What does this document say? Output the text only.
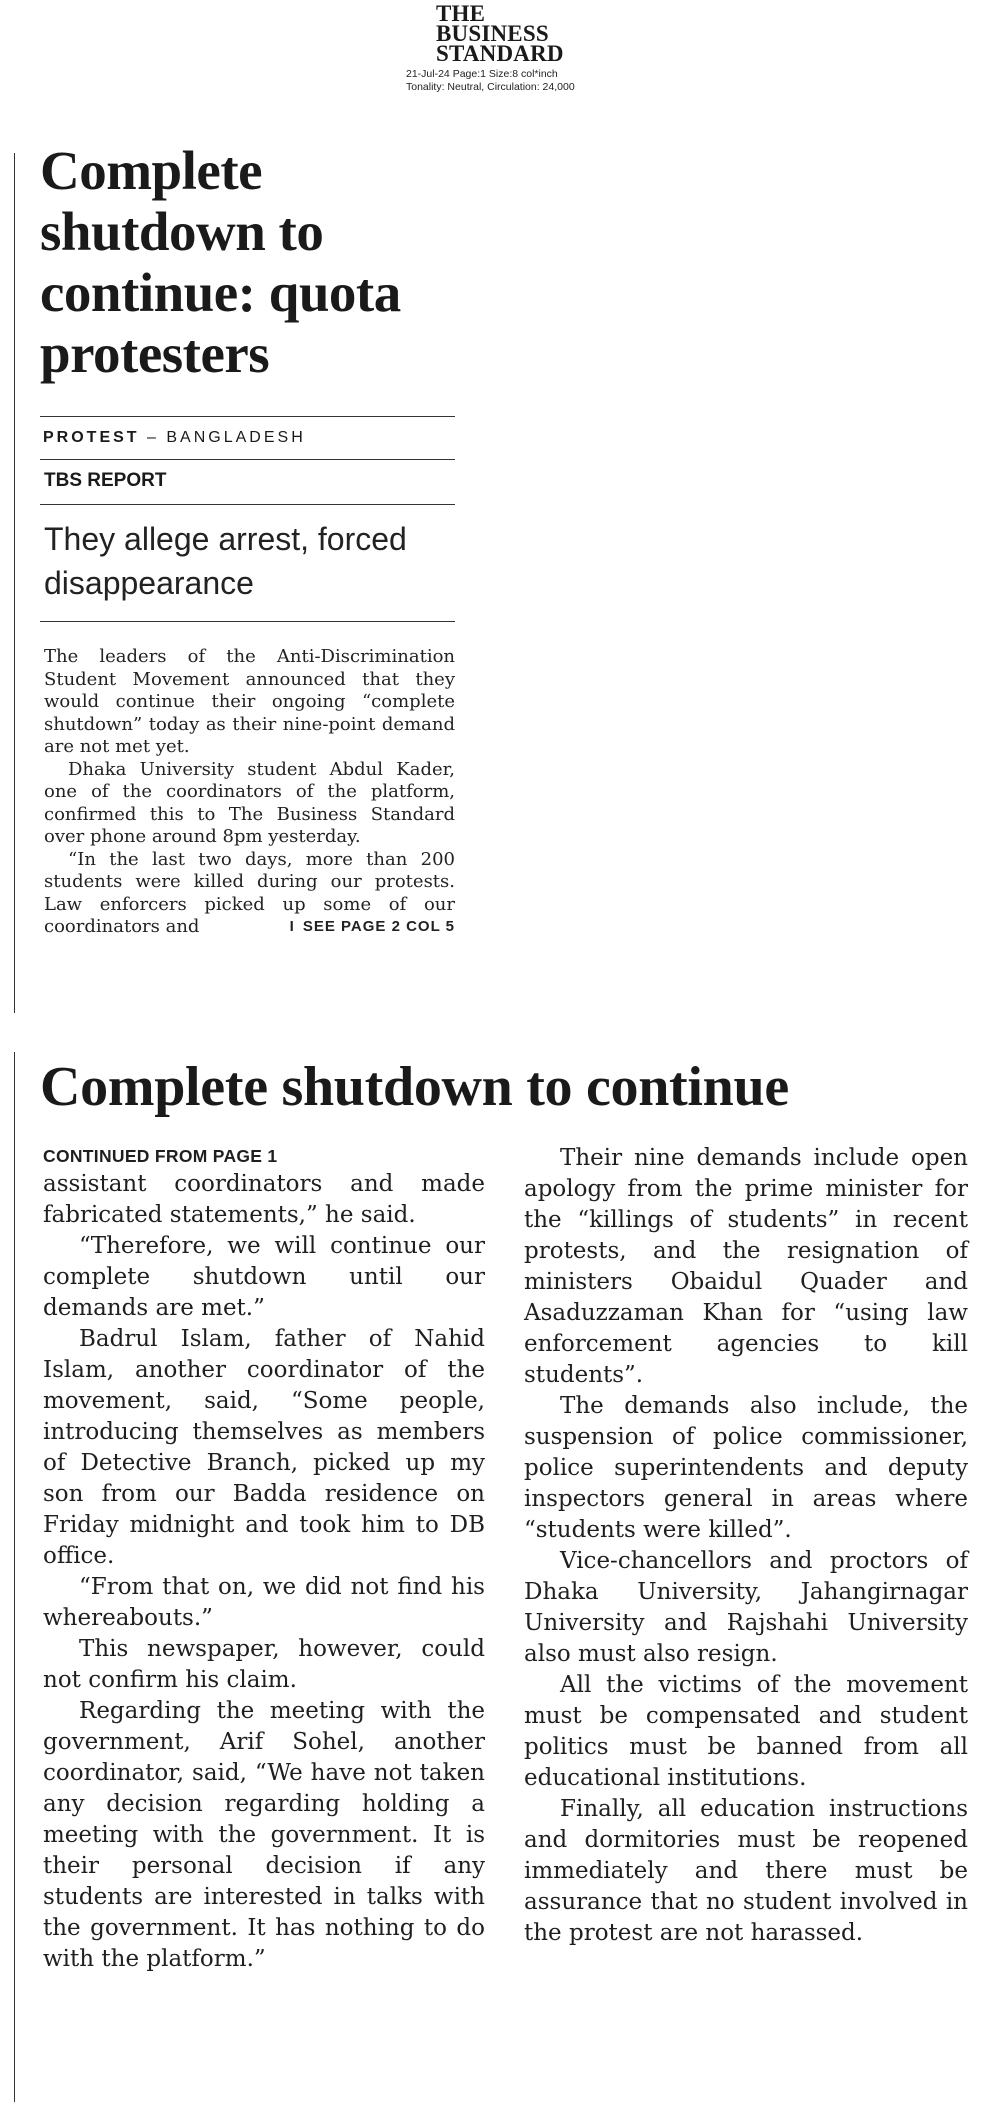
THE
BUSINESS
STANDARD
21-Jul-24 Page:1 Size:8 col*inch
Tonality: Neutral, Circulation: 24,000
Complete shutdown to continue: quota protesters
PROTEST – BANGLADESH
TBS REPORT
They allege arrest, forced disappearance

The leaders of the Anti-Discrimination Student Movement announced that they would continue their ongoing “complete shutdown” today as their nine-point demand are not met yet.

Dhaka University student Abdul Kader, one of the coordinators of the platform, confirmed this to The Business Standard over phone around 8pm yesterday.

“In the last two days, more than 200 students were killed during our protests. Law enforcers picked up some of our coordinators and	I SEE PAGE 2 COL 5

Complete shutdown to continue
CONTINUED FROM PAGE 1

assistant coordinators and made fabricated statements,” he said.

“Therefore, we will continue our complete shutdown until our demands are met.”

Badrul Islam, father of Nahid Islam, another coordinator of the movement, said, “Some people, introducing themselves as members of Detective Branch, picked up my son from our Badda residence on Friday midnight and took him to DB office.

“From that on, we did not find his whereabouts.”

This newspaper, however, could not confirm his claim.

Regarding the meeting with the government, Arif Sohel, another coordinator, said, “We have not taken any decision regarding holding a meeting with the government. It is their personal decision if any students are interested in talks with the government. It has nothing to do with the platform.”

Their nine demands include open apology from the prime minister for the “killings of students” in recent protests, and the resignation of ministers Obaidul Quader and Asaduzzaman Khan for “using law enforcement agencies to kill students”.

The demands also include, the suspension of police commissioner, police superintendents and deputy inspectors general in areas where “students were killed”.

Vice-chancellors and proctors of Dhaka University, Jahangirnagar University and Rajshahi University also must also resign.

All the victims of the movement must be compensated and student politics must be banned from all educational institutions.

Finally, all education instructions and dormitories must be reopened immediately and there must be assurance that no student involved in the protest are not harassed.
